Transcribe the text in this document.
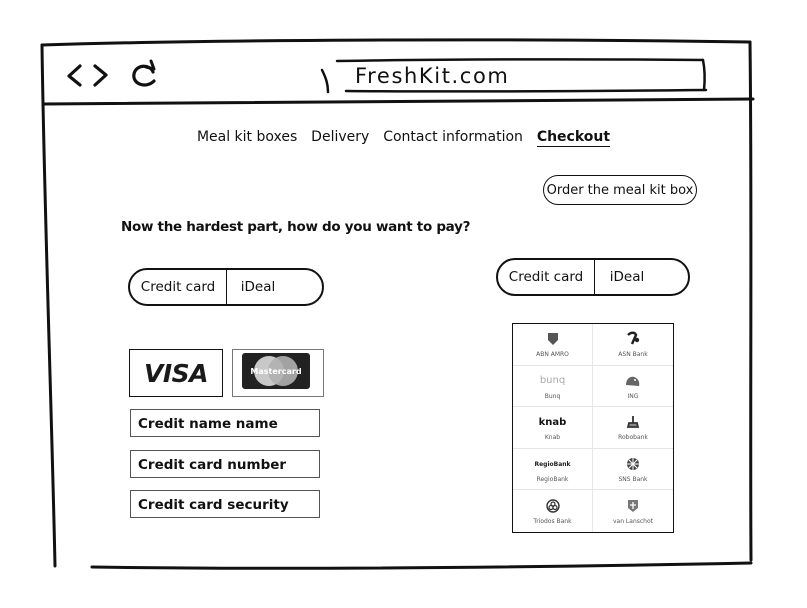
FreshKit.com
Meal kit boxes Delivery Contact information Checkout
Order the meal kit box
Now the hardest part, how do you want to pay?
Credit card	iDeal
Credit card	iDeal
VISA	Mastercard
Credit name name
Credit card number
Credit card security
ABN AMRO	ASN Bank
bunq
Bunq	ING
knab
Knab	Robobank
RegioBank
RegioBank	SNS Bank
Triodos Bank	van Lanschot
